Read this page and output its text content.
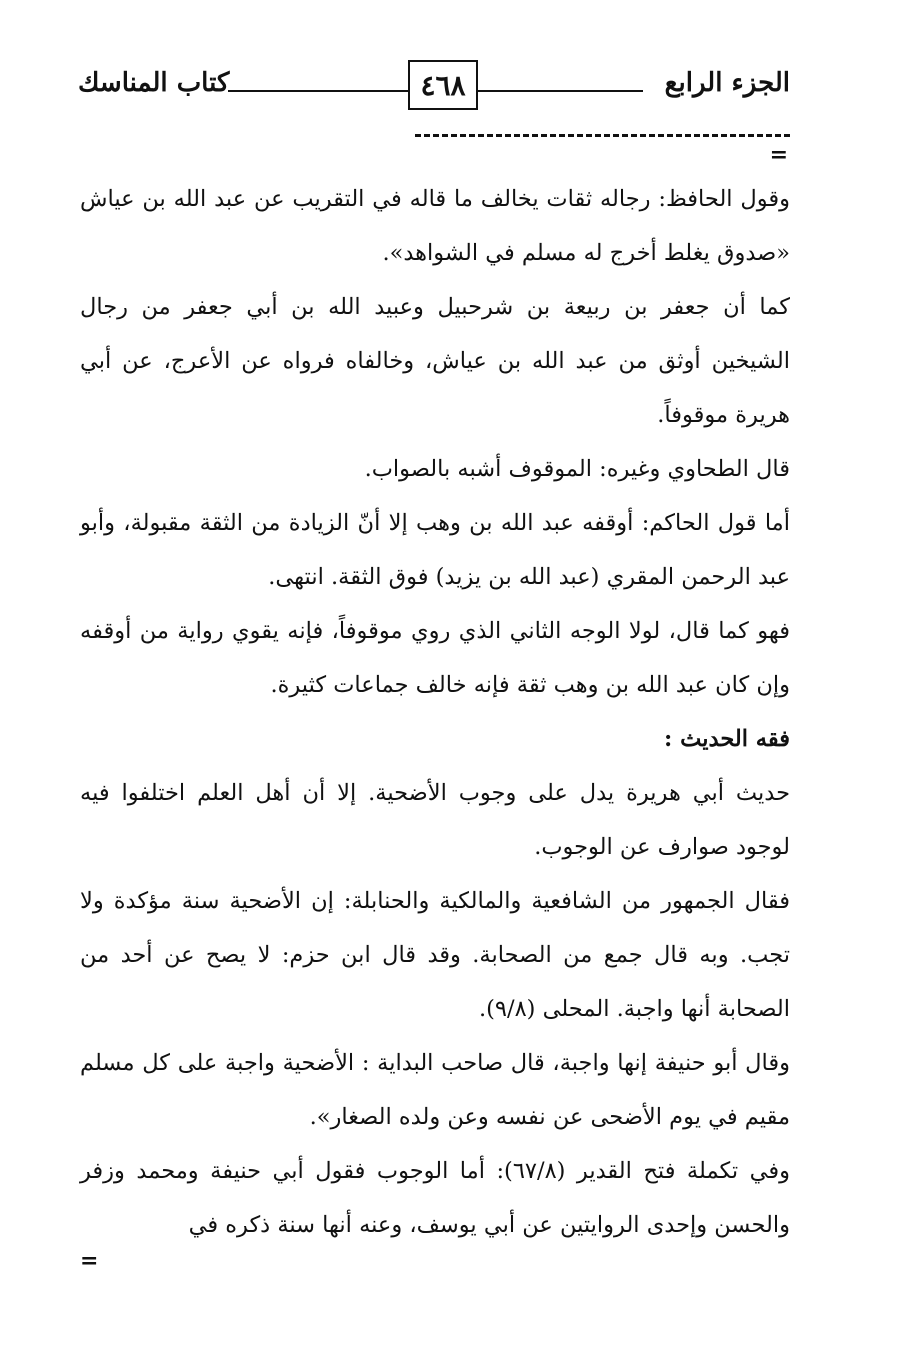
الجزء الرابع
٤٦٨
كتاب المناسك
=

وقول الحافظ: رجاله ثقات يخالف ما قاله في التقريب عن عبد الله بن عياش «صدوق يغلط أخرج له مسلم في الشواهد».

كما أن جعفر بن ربيعة بن شرحبيل وعبيد الله بن أبي جعفر من رجال الشيخين أوثق من عبد الله بن عياش، وخالفاه فرواه عن الأعرج، عن أبي هريرة موقوفاً.

قال الطحاوي وغيره: الموقوف أشبه بالصواب.

أما قول الحاكم: أوقفه عبد الله بن وهب إلا أنّ الزيادة من الثقة مقبولة، وأبو عبد الرحمن المقري (عبد الله بن يزيد) فوق الثقة. انتهى.

فهو كما قال، لولا الوجه الثاني الذي روي موقوفاً، فإنه يقوي رواية من أوقفه وإن كان عبد الله بن وهب ثقة فإنه خالف جماعات كثيرة.

فقه الحديث :

حديث أبي هريرة يدل على وجوب الأضحية. إلا أن أهل العلم اختلفوا فيه لوجود صوارف عن الوجوب.

فقال الجمهور من الشافعية والمالكية والحنابلة: إن الأضحية سنة مؤكدة ولا تجب. وبه قال جمع من الصحابة. وقد قال ابن حزم: لا يصح عن أحد من الصحابة أنها واجبة. المحلى (٩/٨).

وقال أبو حنيفة إنها واجبة، قال صاحب البداية : الأضحية واجبة على كل مسلم مقيم في يوم الأضحى عن نفسه وعن ولده الصغار».

وفي تكملة فتح القدير (٦٧/٨): أما الوجوب فقول أبي حنيفة ومحمد وزفر والحسن وإحدى الروايتين عن أبي يوسف، وعنه أنها سنة ذكره في

=
